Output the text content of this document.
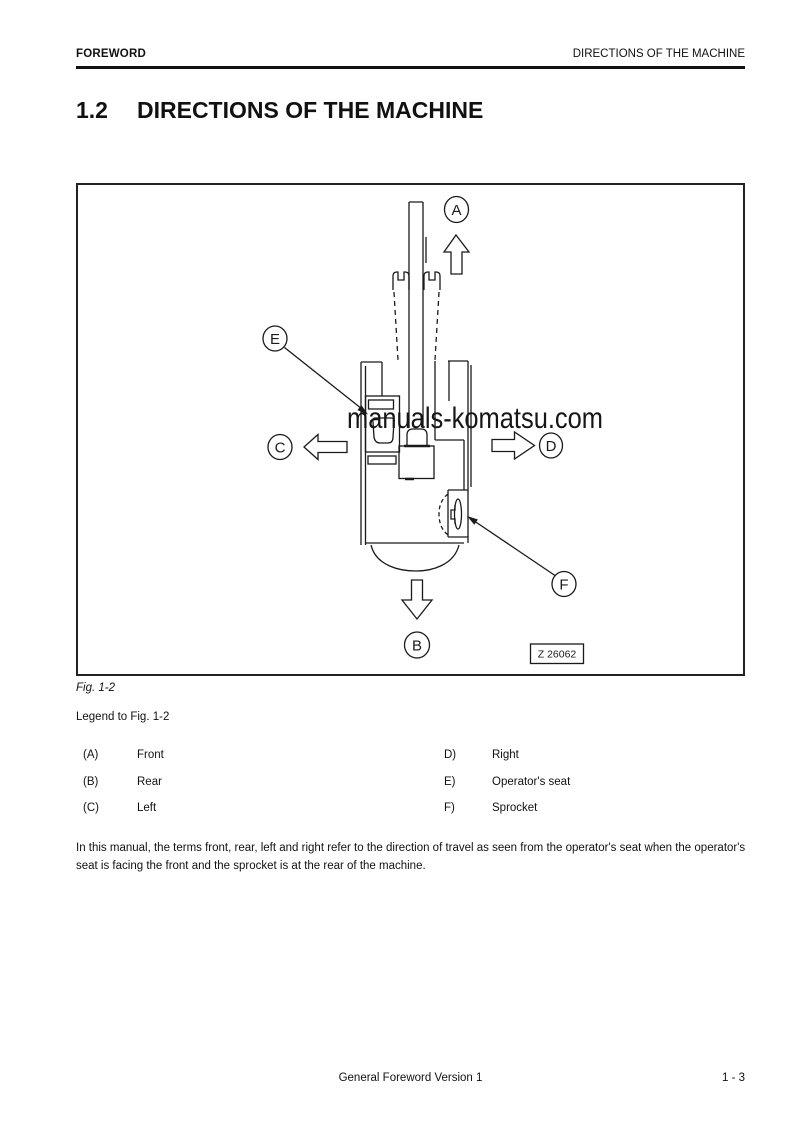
FOREWORD	DIRECTIONS OF THE MACHINE
1.2	DIRECTIONS OF THE MACHINE
A
B
C	D
E
F
manuals-komatsu.com
Z 26062
Fig. 1-2
Legend to Fig. 1-2
(A)	Front	D)	Right
(B)	Rear	E)	Operator's seat
(C)	Left	F)	Sprocket
In this manual, the terms front, rear, left and right refer to the direction of travel as seen from the operator's seat when the operator's seat is facing the front and the sprocket is at the rear of the machine.
General Foreword Version 1	1 - 3
